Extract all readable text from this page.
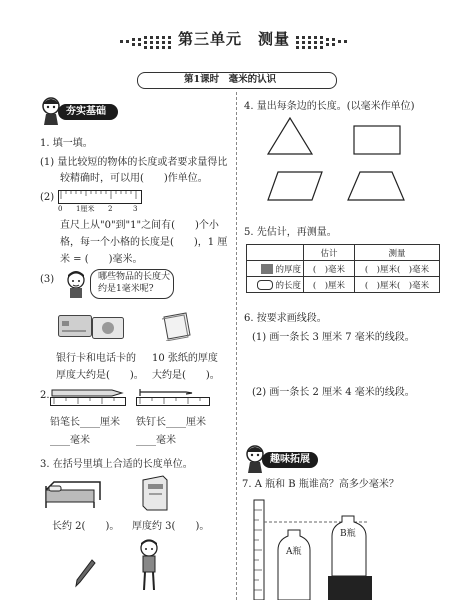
第三单元　测量
第1课时　毫米的认识
夯实基础
1. 填一填。
(1) 量比较短的物体的长度或者要求量得比
较精确时，可以用(　　)作单位。
(2)
0 1厘米 2	3
直尺上从"0"到"1"之间有(　　)个小
格，每一个小格的长度是(　　)，1 厘
米 = (　　)毫米。
(3)	哪些物品的长度大
约是1毫米呢?
银行卡和电话卡的
厚度大约是(　　)。
10 张纸的厚度
大约是(　　)。
2.
铅笔长____厘米
____毫米
铁钉长____厘米
____毫米
3. 在括号里填上合适的长度单位。
长约 2(　　)。 厚度约 3(　　)。
4. 量出每条边的长度。(以毫米作单位)
5. 先估计，再测量。
	估计	测量
的厚度	(　)毫米	(　)厘米(　)毫米
的长度	(　)厘米	(　)厘米(　)毫米
6. 按要求画线段。
(1) 画一条长 3 厘米 7 毫米的线段。
(2) 画一条长 2 厘米 4 毫米的线段。
趣味拓展
7. A 瓶和 B 瓶谁高？高多少毫米？
A瓶
B瓶
